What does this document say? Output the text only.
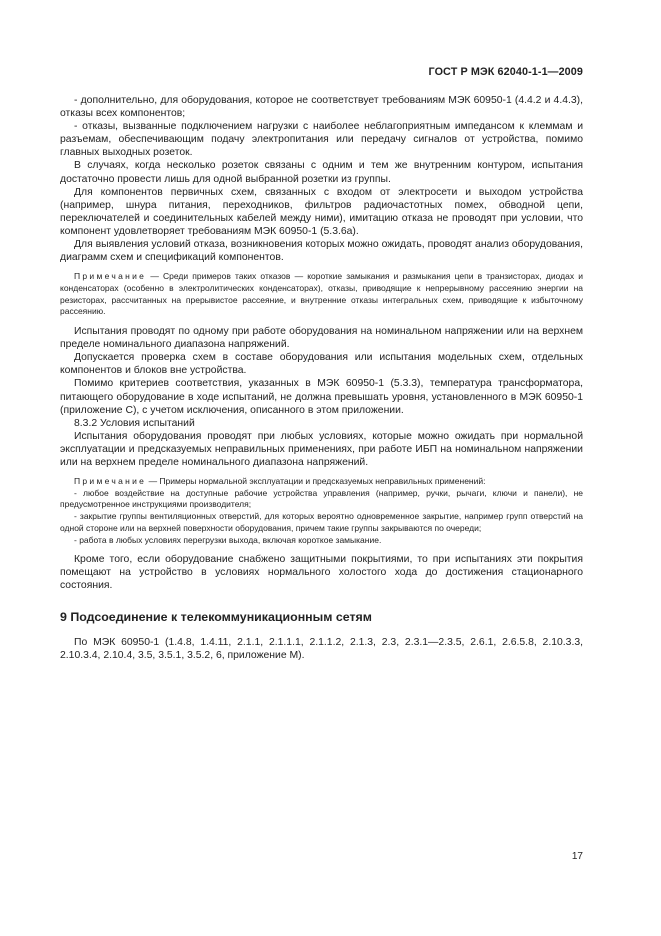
ГОСТ Р МЭК 62040-1-1—2009

- дополнительно, для оборудования, которое не соответствует требованиям МЭК 60950-1 (4.4.2 и 4.4.3), отказы всех компонентов;

- отказы, вызванные подключением нагрузки с наиболее неблагоприятным импедансом к клеммам и разъемам, обеспечивающим подачу электропитания или передачу сигналов от устройства, помимо главных выходных розеток.

В случаях, когда несколько розеток связаны с одним и тем же внутренним контуром, испытания достаточно провести лишь для одной выбранной розетки из группы.

Для компонентов первичных схем, связанных с входом от электросети и выходом устройства (например, шнура питания, переходников, фильтров радиочастотных помех, обводной цепи, переключателей и соединительных кабелей между ними), имитацию отказа не проводят при условии, что компонент удовлетворяет требованиям МЭК 60950-1 (5.3.6а).

Для выявления условий отказа, возникновения которых можно ожидать, проводят анализ оборудования, диаграмм схем и спецификаций компонентов.

Примечание — Среди примеров таких отказов — короткие замыкания и размыкания цепи в транзисторах, диодах и конденсаторах (особенно в электролитических конденсаторах), отказы, приводящие к непрерывному рассеянию энергии на резисторах, рассчитанных на прерывистое рассеяние, и внутренние отказы интегральных схем, приводящие к избыточному рассеянию.

Испытания проводят по одному при работе оборудования на номинальном напряжении или на верхнем пределе номинального диапазона напряжений.

Допускается проверка схем в составе оборудования или испытания модельных схем, отдельных компонентов и блоков вне устройства.

Помимо критериев соответствия, указанных в МЭК 60950-1 (5.3.3), температура трансформатора, питающего оборудование в ходе испытаний, не должна превышать уровня, установленного в МЭК 60950-1 (приложение С), с учетом исключения, описанного в этом приложении.

8.3.2 Условия испытаний

Испытания оборудования проводят при любых условиях, которые можно ожидать при нормальной эксплуатации и предсказуемых неправильных применениях, при работе ИБП на номинальном напряжении или на верхнем пределе номинального диапазона напряжений.

Примечание — Примеры нормальной эксплуатации и предсказуемых неправильных применений:

- любое воздействие на доступные рабочие устройства управления (например, ручки, рычаги, ключи и панели), не предусмотренное инструкциями производителя;

- закрытие группы вентиляционных отверстий, для которых вероятно одновременное закрытие, например групп отверстий на одной стороне или на верхней поверхности оборудования, причем такие группы закрываются по очереди;

- работа в любых условиях перегрузки выхода, включая короткое замыкание.

Кроме того, если оборудование снабжено защитными покрытиями, то при испытаниях эти покрытия помещают на устройство в условиях нормального холостого хода до достижения стационарного состояния.

9 Подсоединение к телекоммуникационным сетям

По МЭК 60950-1 (1.4.8, 1.4.11, 2.1.1, 2.1.1.1, 2.1.1.2, 2.1.3, 2.3, 2.3.1—2.3.5, 2.6.1, 2.6.5.8, 2.10.3.3, 2.10.3.4, 2.10.4, 3.5, 3.5.1, 3.5.2, 6, приложение М).

17
